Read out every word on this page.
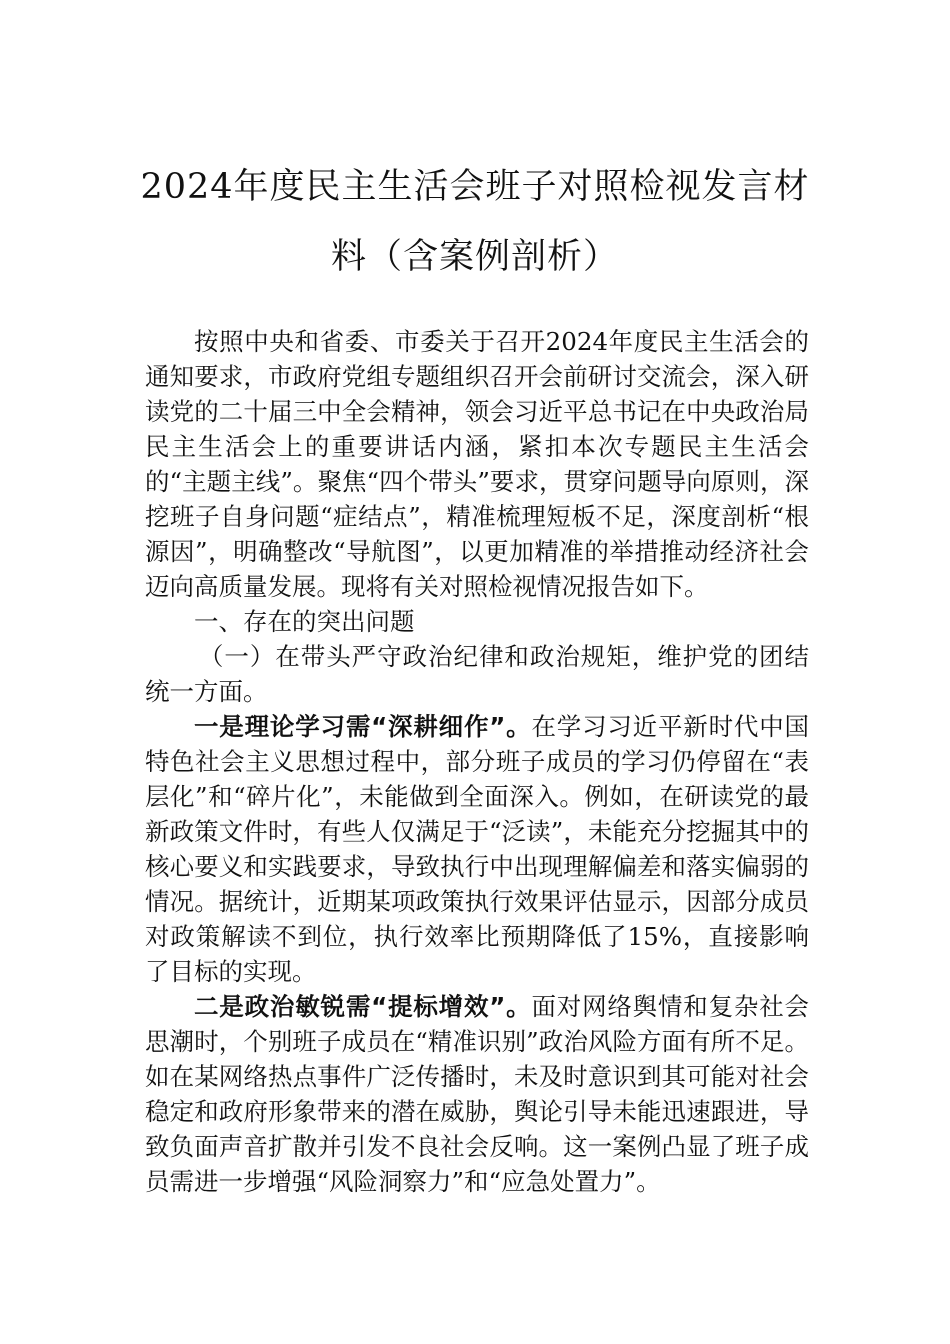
2024年度民主生活会班子对照检视发言材料（含案例剖析）

按照中央和省委、市委关于召开2024年度民主生活会的通知要求，市政府党组专题组织召开会前研讨交流会，深入研读党的二十届三中全会精神，领会习近平总书记在中央政治局民主生活会上的重要讲话内涵，紧扣本次专题民主生活会的“主题主线”。聚焦“四个带头”要求，贯穿问题导向原则，深挖班子自身问题“症结点”，精准梳理短板不足，深度剖析“根源因”，明确整改“导航图”，以更加精准的举措推动经济社会迈向高质量发展。现将有关对照检视情况报告如下。

一、存在的突出问题

（一）在带头严守政治纪律和政治规矩，维护党的团结统一方面。

一是理论学习需“深耕细作”。在学习习近平新时代中国特色社会主义思想过程中，部分班子成员的学习仍停留在“表层化”和“碎片化”，未能做到全面深入。例如，在研读党的最新政策文件时，有些人仅满足于“泛读”，未能充分挖掘其中的核心要义和实践要求，导致执行中出现理解偏差和落实偏弱的情况。据统计，近期某项政策执行效果评估显示，因部分成员对政策解读不到位，执行效率比预期降低了15%，直接影响了目标的实现。

二是政治敏锐需“提标增效”。面对网络舆情和复杂社会思潮时，个别班子成员在“精准识别”政治风险方面有所不足。如在某网络热点事件广泛传播时，未及时意识到其可能对社会稳定和政府形象带来的潜在威胁，舆论引导未能迅速跟进，导致负面声音扩散并引发不良社会反响。这一案例凸显了班子成员需进一步增强“风险洞察力”和“应急处置力”。
